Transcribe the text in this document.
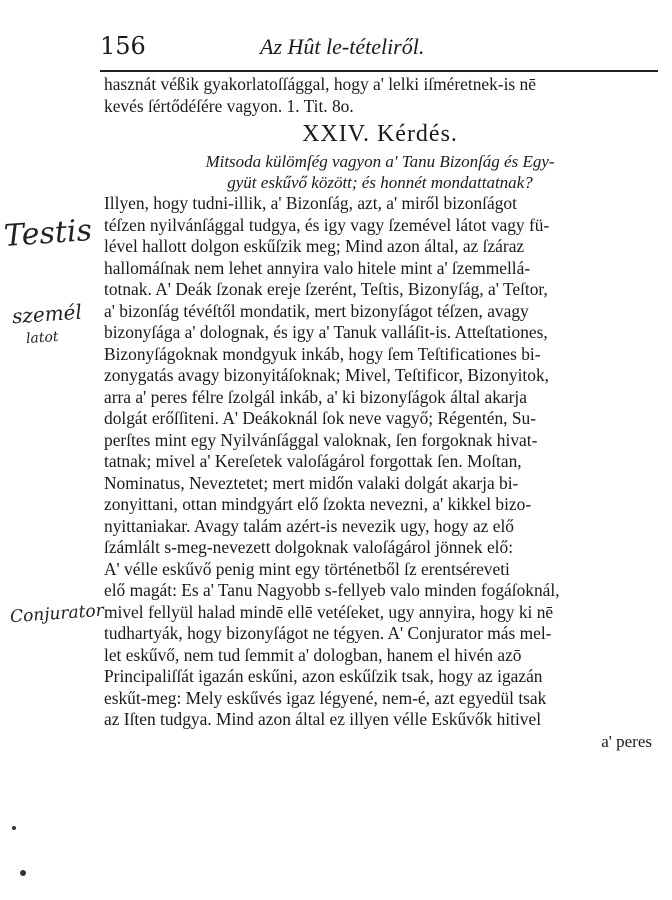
156	Az Hût le-tételiről.
hasznát véßik gyakorlatoſſággal, hogy a' lelki iſméretnek-is nē
kevés ſértődéſére vagyon. 1. Tit. 8o.
XXIV. Kérdés.
Mitsoda külömſég vagyon a' Tanu Bizonſág és Egy-
gyüt eskűvő között; és honnét mondattatnak?
Illyen, hogy tudni-illik, a' Bizonſág, azt, a' miről bizonſágot
téſzen nyilvánſággal tudgya, és igy vagy ſzemével látot vagy fü-
lével hallott dolgon eskűſzik meg; Mind azon által, az ſzáraz
hallomáſnak nem lehet annyira valo hitele mint a' ſzemmellá-
totnak. A' Deák ſzonak ereje ſzerént, Teſtis, Bizonyſág, a' Teſtor,
a' bizonſág tévéſtől mondatik, mert bizonyſágot téſzen, avagy
bizonyſága a' dolognak, és igy a' Tanuk valláſit-is. Atteſtationes,
Bizonyſágoknak mondgyuk inkáb, hogy ſem Teſtificationes bi-
zonygatás avagy bizonyitáſoknak; Mivel, Teſtificor, Bizonyitok,
arra a' peres félre ſzolgál inkáb, a' ki bizonyſágok által akarja
dolgát erőſſiteni. A' Deákoknál ſok neve vagyő; Régentén, Su-
perſtes mint egy Nyilvánſággal valoknak, ſen forgoknak hivat-
tatnak; mivel a' Kereſetek valoſágárol forgottak ſen. Moſtan,
Nominatus, Neveztetet; mert midőn valaki dolgát akarja bi-
zonyittani, ottan mindgyárt elő ſzokta nevezni, a' kikkel bizo-
nyittaniakar. Avagy talám azért-is nevezik ugy, hogy az elő
ſzámlált s-meg-nevezett dolgoknak valoſágárol jönnek elő:
A' vélle eskűvő penig mint egy történetből ſz erentséreveti
elő magát: Es a' Tanu Nagyobb s-fellyeb valo minden fogáſoknál,
mivel fellyül halad mindē ellē vetéſeket, ugy annyira, hogy ki nē
tudhartyák, hogy bizonyſágot ne tégyen. A' Conjurator más mel-
let eskűvő, nem tud ſemmit a' dologban, hanem el hivén azō
Principaliſſát igazán eskűni, azon eskűſzik tsak, hogy az igazán
eskűt-meg: Mely eskűvés igaz légyené, nem-é, azt egyedül tsak
az Iſten tudgya. Mind azon által ez illyen vélle Eskűvők hitivel
a' peres
Testis
személ
latot
Conjurator
